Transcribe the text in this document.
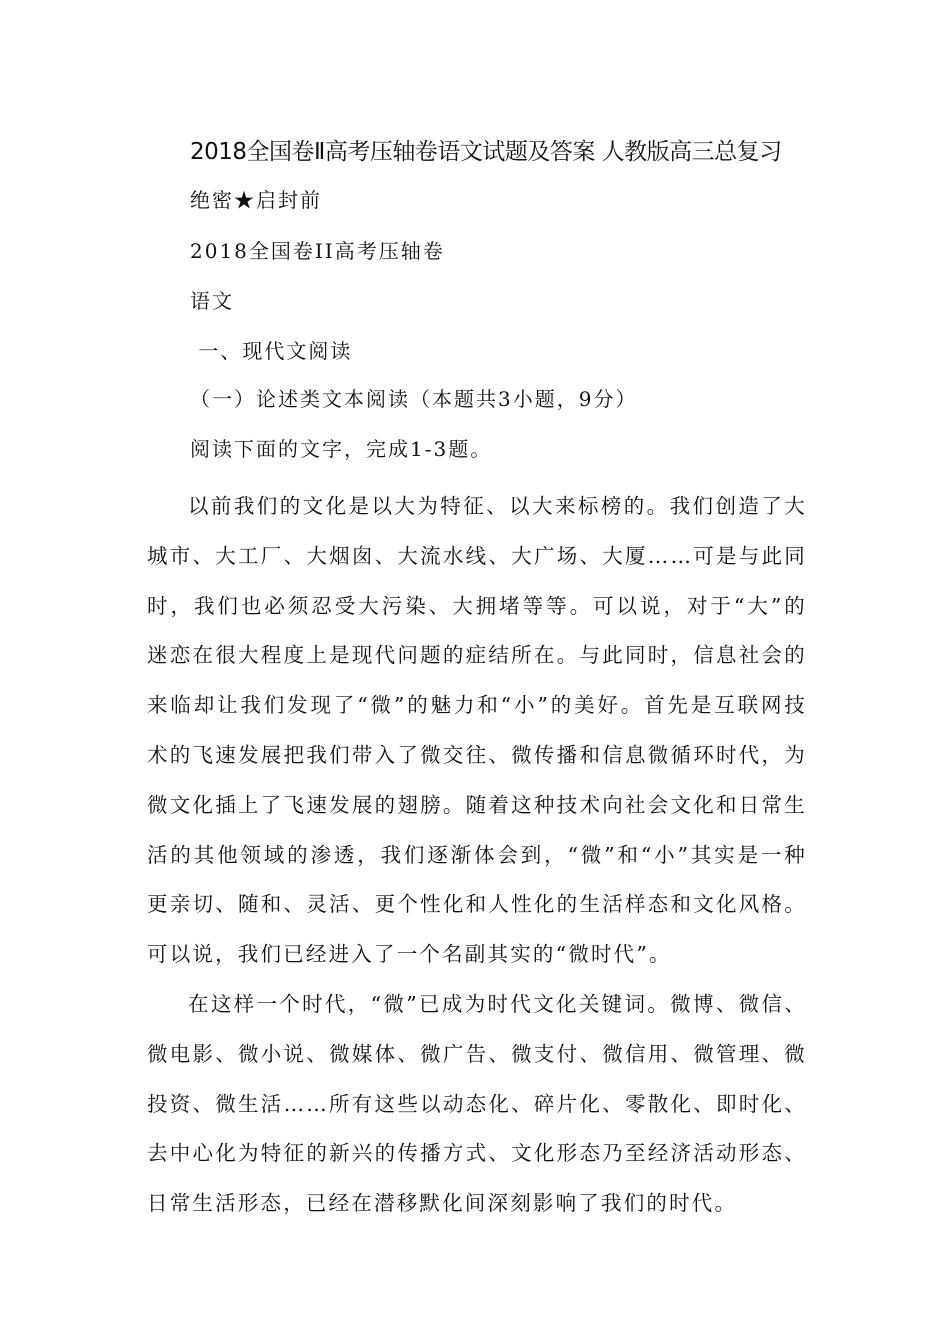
2018全国卷Ⅱ高考压轴卷语文试题及答案 人教版高三总复习
绝密★启封前
2018全国卷II高考压轴卷
语文
一、现代文阅读
（一）论述类文本阅读（本题共3小题，9分）
阅读下面的文字，完成1-3题。

以前我们的文化是以大为特征、以大来标榜的。我们创造了大城市、大工厂、大烟囱、大流水线、大广场、大厦……可是与此同时，我们也必须忍受大污染、大拥堵等等。可以说，对于“大”的迷恋在很大程度上是现代问题的症结所在。与此同时，信息社会的来临却让我们发现了“微”的魅力和“小”的美好。首先是互联网技术的飞速发展把我们带入了微交往、微传播和信息微循环时代，为微文化插上了飞速发展的翅膀。随着这种技术向社会文化和日常生活的其他领域的渗透，我们逐渐体会到，“微”和“小”其实是一种更亲切、随和、灵活、更个性化和人性化的生活样态和文化风格。可以说，我们已经进入了一个名副其实的“微时代”。

在这样一个时代，“微”已成为时代文化关键词。微博、微信、微电影、微小说、微媒体、微广告、微支付、微信用、微管理、微投资、微生活……所有这些以动态化、碎片化、零散化、即时化、去中心化为特征的新兴的传播方式、文化形态乃至经济活动形态、日常生活形态，已经在潜移默化间深刻影响了我们的时代。
